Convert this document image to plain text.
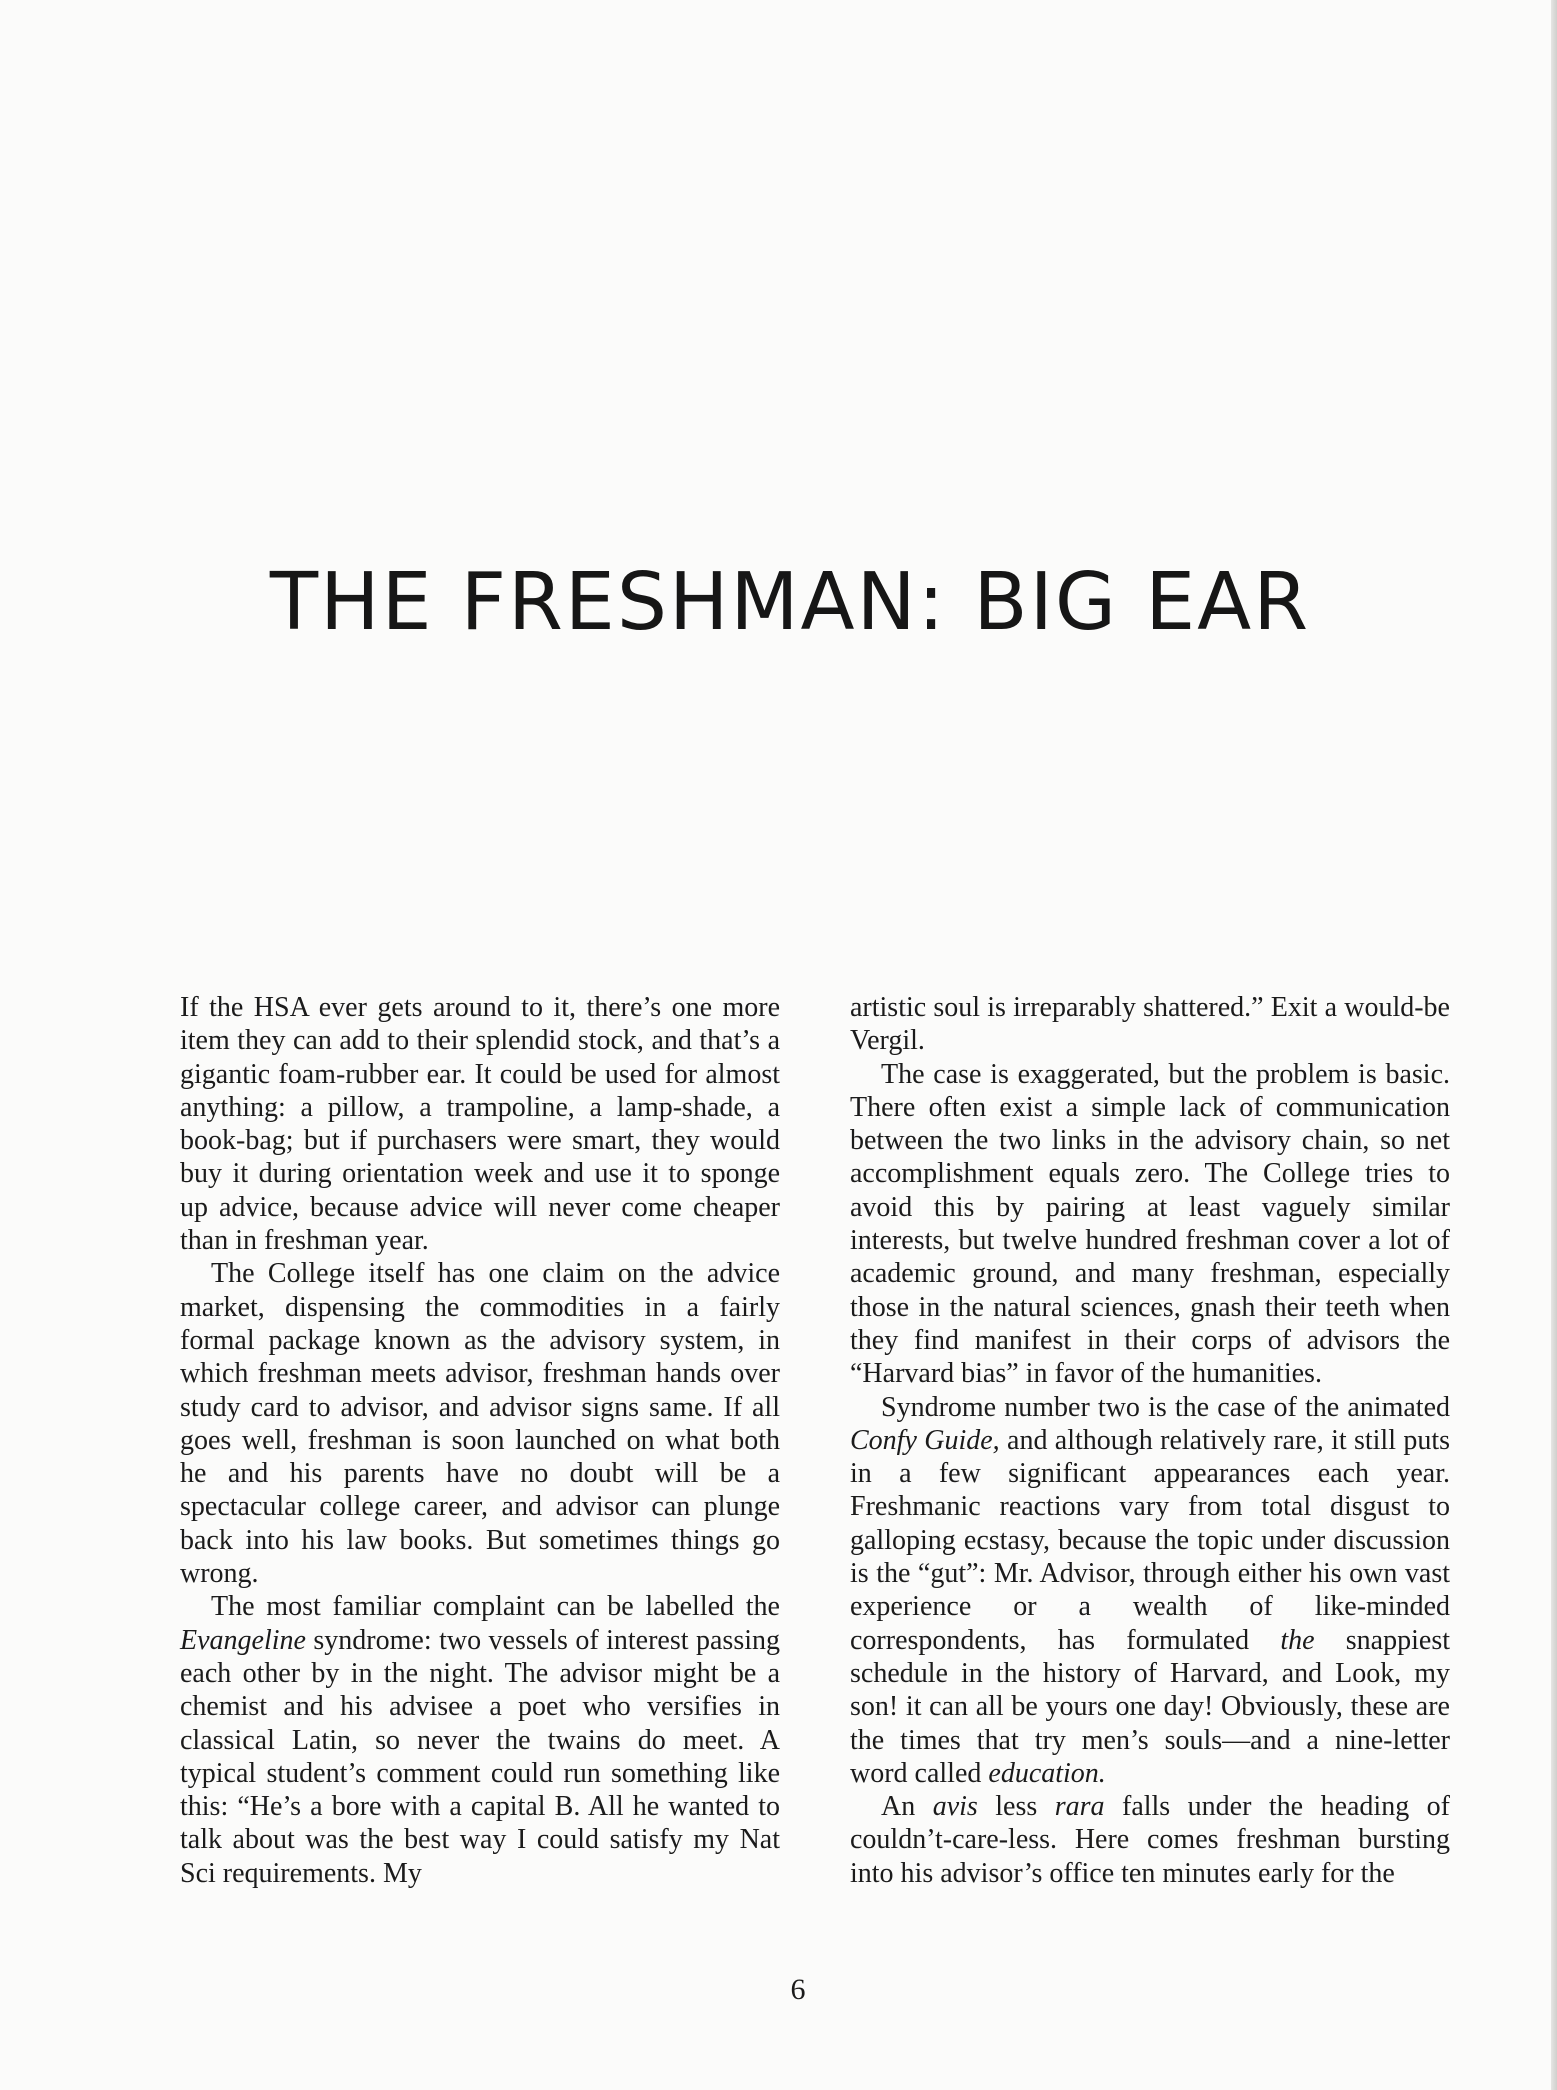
THE FRESHMAN: BIG EAR

If the HSA ever gets around to it, there’s one more item they can add to their splendid stock, and that’s a gigantic foam-rubber ear. It could be used for almost anything: a pillow, a trampoline, a lamp-shade, a book-bag; but if purchasers were smart, they would buy it during orientation week and use it to sponge up advice, because advice will never come cheaper than in freshman year.

The College itself has one claim on the advice market, dispensing the commodities in a fairly formal package known as the advisory system, in which freshman meets advisor, freshman hands over study card to advisor, and advisor signs same. If all goes well, freshman is soon launched on what both he and his parents have no doubt will be a spectacular college career, and advisor can plunge back into his law books. But sometimes things go wrong.

The most familiar complaint can be labelled the Evangeline syndrome: two vessels of interest passing each other by in the night. The advisor might be a chemist and his advisee a poet who versifies in classical Latin, so never the twains do meet. A typical student’s comment could run something like this: “He’s a bore with a capital B. All he wanted to talk about was the best way I could satisfy my Nat Sci requirements. My

artistic soul is irreparably shattered.” Exit a would-be Vergil.

The case is exaggerated, but the problem is basic. There often exist a simple lack of communication between the two links in the advisory chain, so net accomplishment equals zero. The College tries to avoid this by pairing at least vaguely similar interests, but twelve hundred freshman cover a lot of academic ground, and many freshman, especially those in the natural sciences, gnash their teeth when they find manifest in their corps of advisors the “Harvard bias” in favor of the humanities.

Syndrome number two is the case of the animated Confy Guide, and although relatively rare, it still puts in a few significant appearances each year. Freshmanic reactions vary from total disgust to galloping ecstasy, because the topic under discussion is the “gut”: Mr. Advisor, through either his own vast experience or a wealth of like-minded correspondents, has formulated the snappiest schedule in the history of Harvard, and Look, my son! it can all be yours one day! Obviously, these are the times that try men’s souls—and a nine-letter word called education.

An avis less rara falls under the heading of couldn’t-care-less. Here comes freshman bursting into his advisor’s office ten minutes early for the

6
